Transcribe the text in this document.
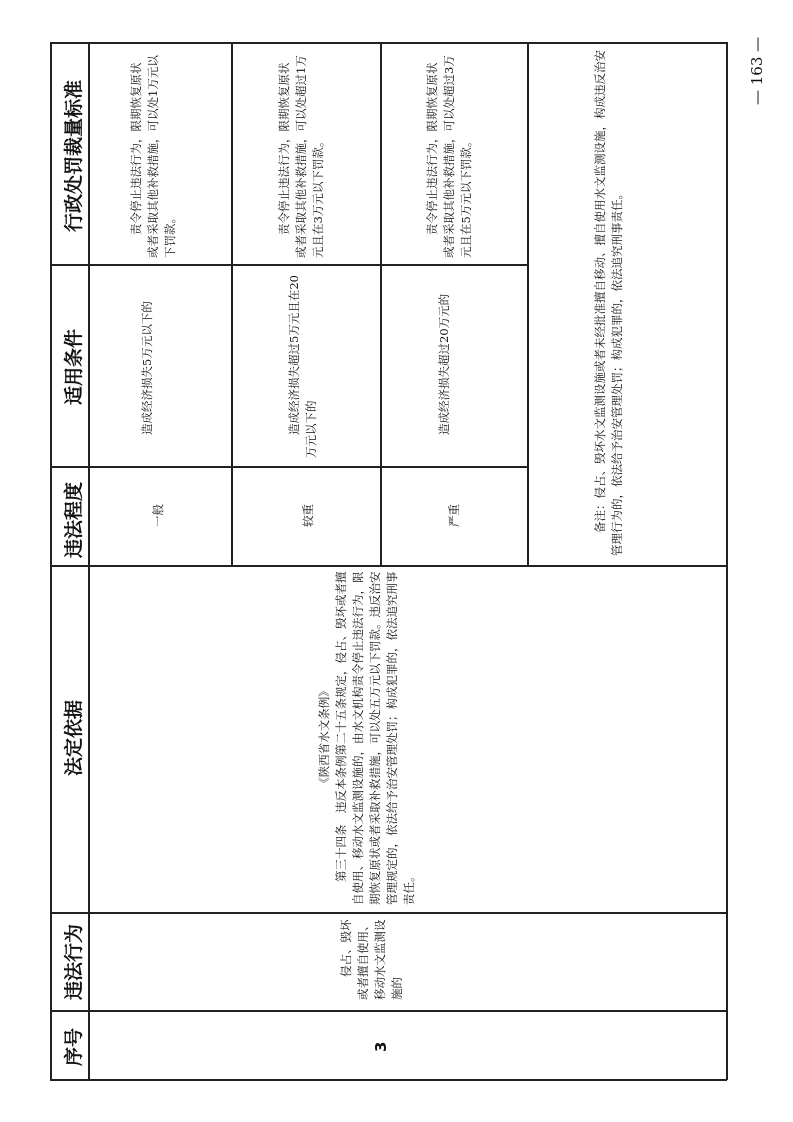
序号
违法行为
法定依据
违法程度
适用条件
行政处罚裁量标准
3
侵占、毁坏或者擅自使用、移动水文监测设施的
《陕西省水文条例》 第三十四条　违反本条例第二十五条规定，侵占、毁坏或者擅自使用、移动水文监测设施的，由水文机构责令停止违法行为，限期恢复原状或者采取补救措施，可以处五万元以下罚款。违反治安管理规定的，依法给予治安管理处罚；构成犯罪的，依法追究刑事责任。
一般
造成经济损失5万元以下的
责令停止违法行为，限期恢复原状或者采取其他补救措施，可以处1万元以下罚款。
较重
造成经济损失超过5万元且在20万元以下的
责令停止违法行为，限期恢复原状或者采取其他补救措施，可以处超过1万元且在3万元以下罚款。
严重
造成经济损失超过20万元的
责令停止违法行为，限期恢复原状或者采取其他补救措施，可以处超过3万元且在5万元以下罚款。	备注：侵占、毁坏水文监测设施或者未经批准擅自移动、擅自使用水文监测设施，构成违反治安管理行为的，依法给予治安管理处罚；构成犯罪的，依法追究刑事责任。
— 163 —
